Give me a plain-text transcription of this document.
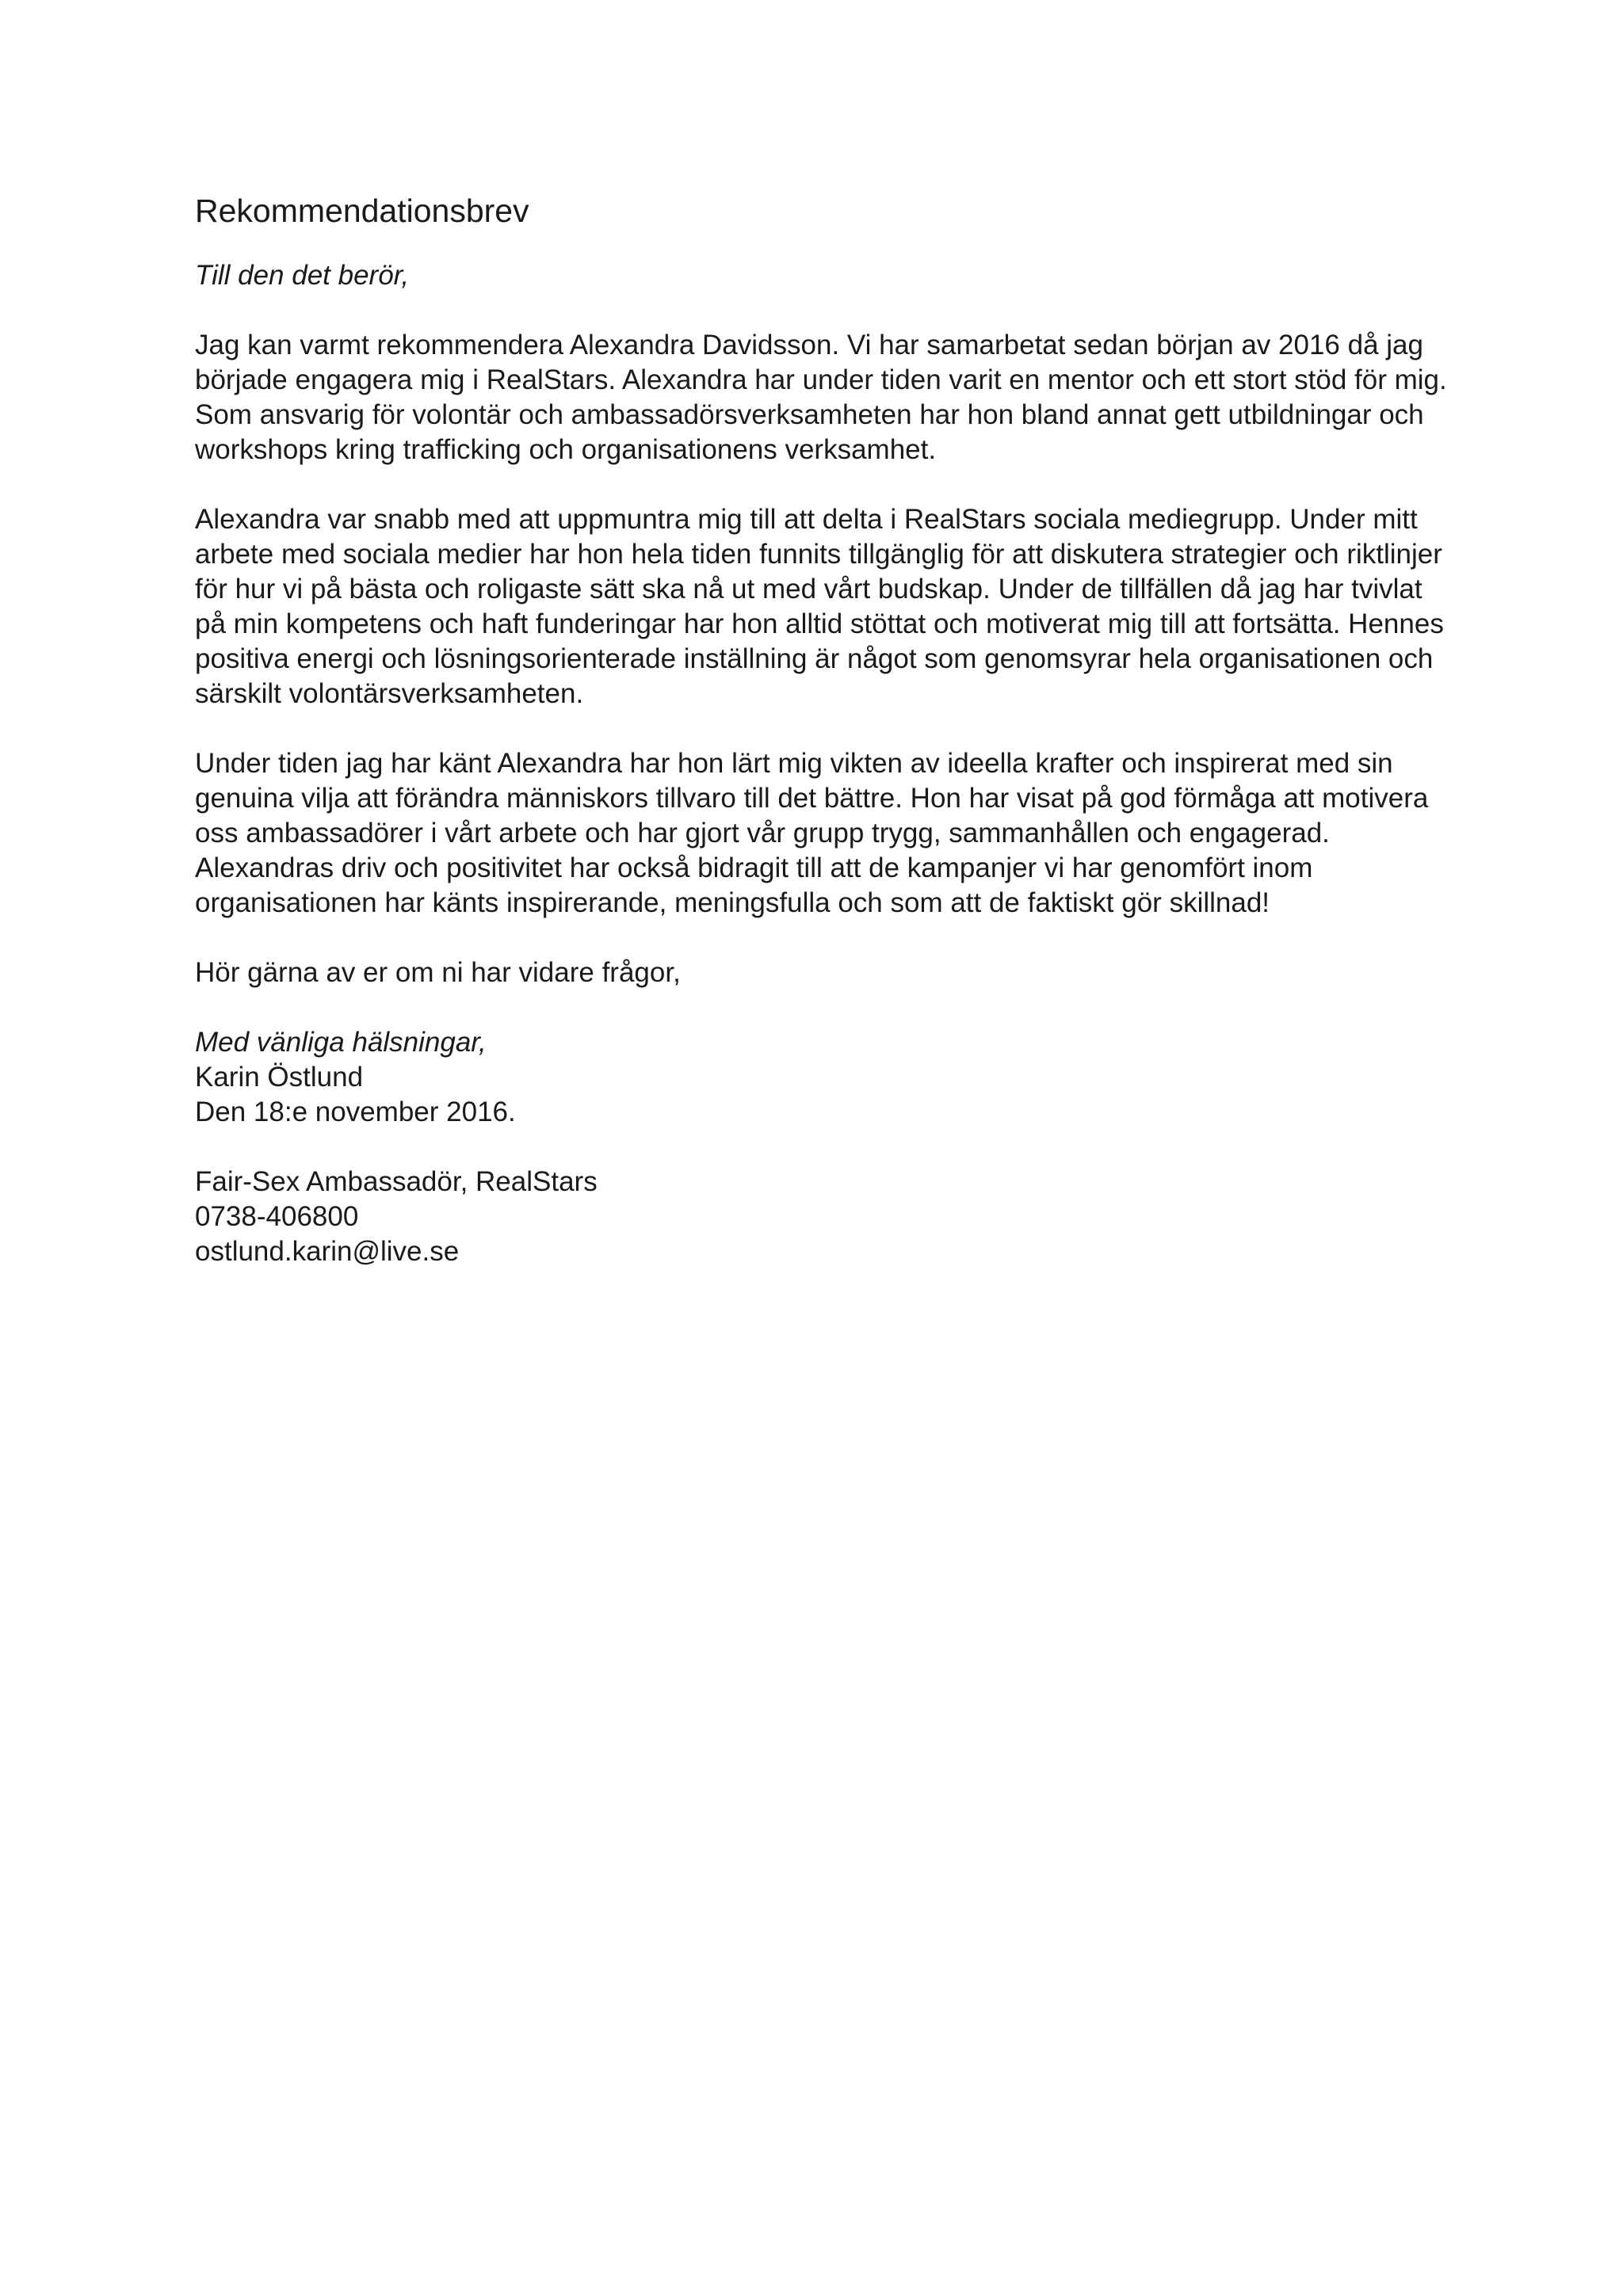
Rekommendationsbrev

Till den det berör,

Jag kan varmt rekommendera Alexandra Davidsson. Vi har samarbetat sedan början av 2016 då jag började engagera mig i RealStars. Alexandra har under tiden varit en mentor och ett stort stöd för mig. Som ansvarig för volontär och ambassadörsverksamheten har hon bland annat gett utbildningar och workshops kring trafficking och organisationens verksamhet.

Alexandra var snabb med att uppmuntra mig till att delta i RealStars sociala mediegrupp. Under mitt arbete med sociala medier har hon hela tiden funnits tillgänglig för att diskutera strategier och riktlinjer för hur vi på bästa och roligaste sätt ska nå ut med vårt budskap. Under de tillfällen då jag har tvivlat på min kompetens och haft funderingar har hon alltid stöttat och motiverat mig till att fortsätta. Hennes positiva energi och lösningsorienterade inställning är något som genomsyrar hela organisationen och särskilt volontärsverksamheten.

Under tiden jag har känt Alexandra har hon lärt mig vikten av ideella krafter och inspirerat med sin genuina vilja att förändra människors tillvaro till det bättre. Hon har visat på god förmåga att motivera oss ambassadörer i vårt arbete och har gjort vår grupp trygg, sammanhållen och engagerad. Alexandras driv och positivitet har också bidragit till att de kampanjer vi har genomfört inom organisationen har känts inspirerande, meningsfulla och som att de faktiskt gör skillnad!

Hör gärna av er om ni har vidare frågor,

Med vänliga hälsningar,
Karin Östlund
Den 18:e november 2016.
Fair-Sex Ambassadör, RealStars
0738-406800
ostlund.karin@live.se
